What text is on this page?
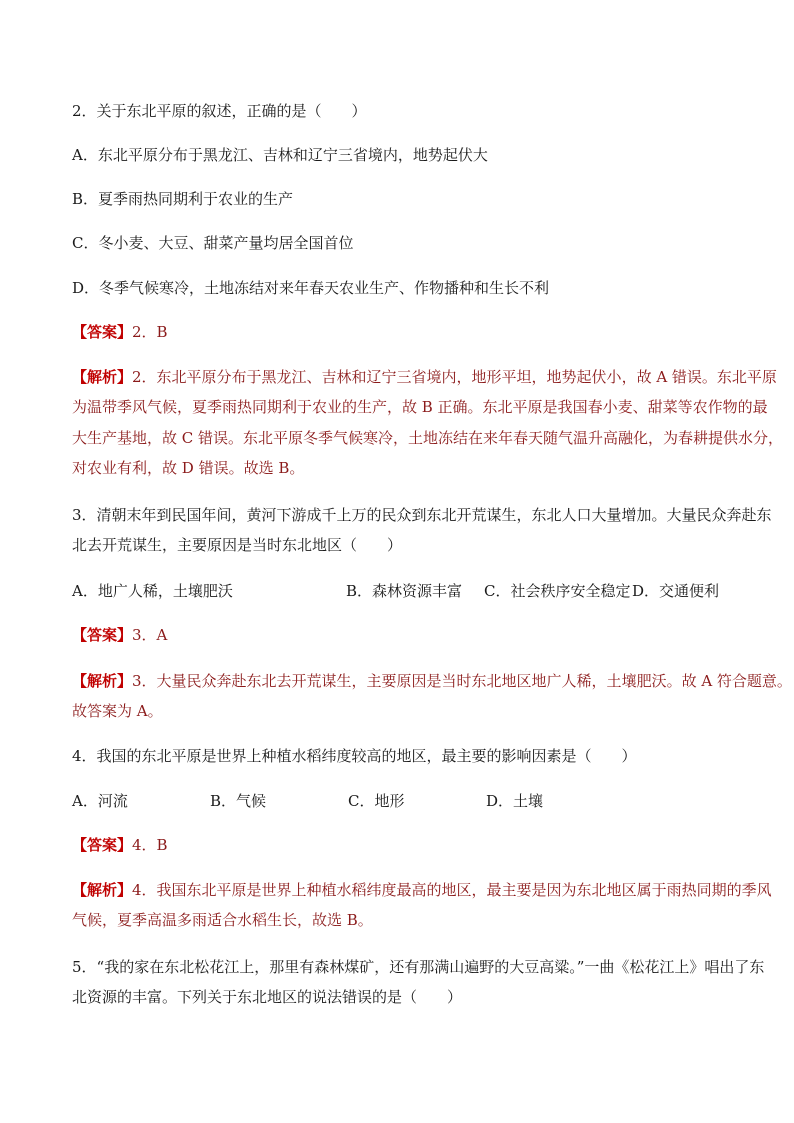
2．关于东北平原的叙述，正确的是（　　）
A．东北平原分布于黑龙江、吉林和辽宁三省境内，地势起伏大
B．夏季雨热同期利于农业的生产
C．冬小麦、大豆、甜菜产量均居全国首位
D．冬季气候寒冷，土地冻结对来年春天农业生产、作物播种和生长不利
【答案】2．B
【解析】2．东北平原分布于黑龙江、吉林和辽宁三省境内，地形平坦，地势起伏小，故 A 错误。东北平原
为温带季风气候，夏季雨热同期利于农业的生产，故 B 正确。东北平原是我国春小麦、甜菜等农作物的最
大生产基地，故 C 错误。东北平原冬季气候寒冷，土地冻结在来年春天随气温升高融化，为春耕提供水分，
对农业有利，故 D 错误。故选 B。
3．清朝末年到民国年间，黄河下游成千上万的民众到东北开荒谋生，东北人口大量增加。大量民众奔赴东
北去开荒谋生，主要原因是当时东北地区（　　）
A．地广人稀，土壤肥沃	B．森林资源丰富 C．社会秩序安全稳定 D．交通便利
【答案】3．A
【解析】3．大量民众奔赴东北去开荒谋生，主要原因是当时东北地区地广人稀，土壤肥沃。故 A 符合题意。
故答案为 A。
4．我国的东北平原是世界上种植水稻纬度较高的地区，最主要的影响因素是（　　）
A．河流	B．气候	C．地形	D．土壤
【答案】4．B
【解析】4．我国东北平原是世界上种植水稻纬度最高的地区，最主要是因为东北地区属于雨热同期的季风
气候，夏季高温多雨适合水稻生长，故选 B。
5．“我的家在东北松花江上，那里有森林煤矿，还有那满山遍野的大豆高粱。”一曲《松花江上》唱出了东
北资源的丰富。下列关于东北地区的说法错误的是（　　）
